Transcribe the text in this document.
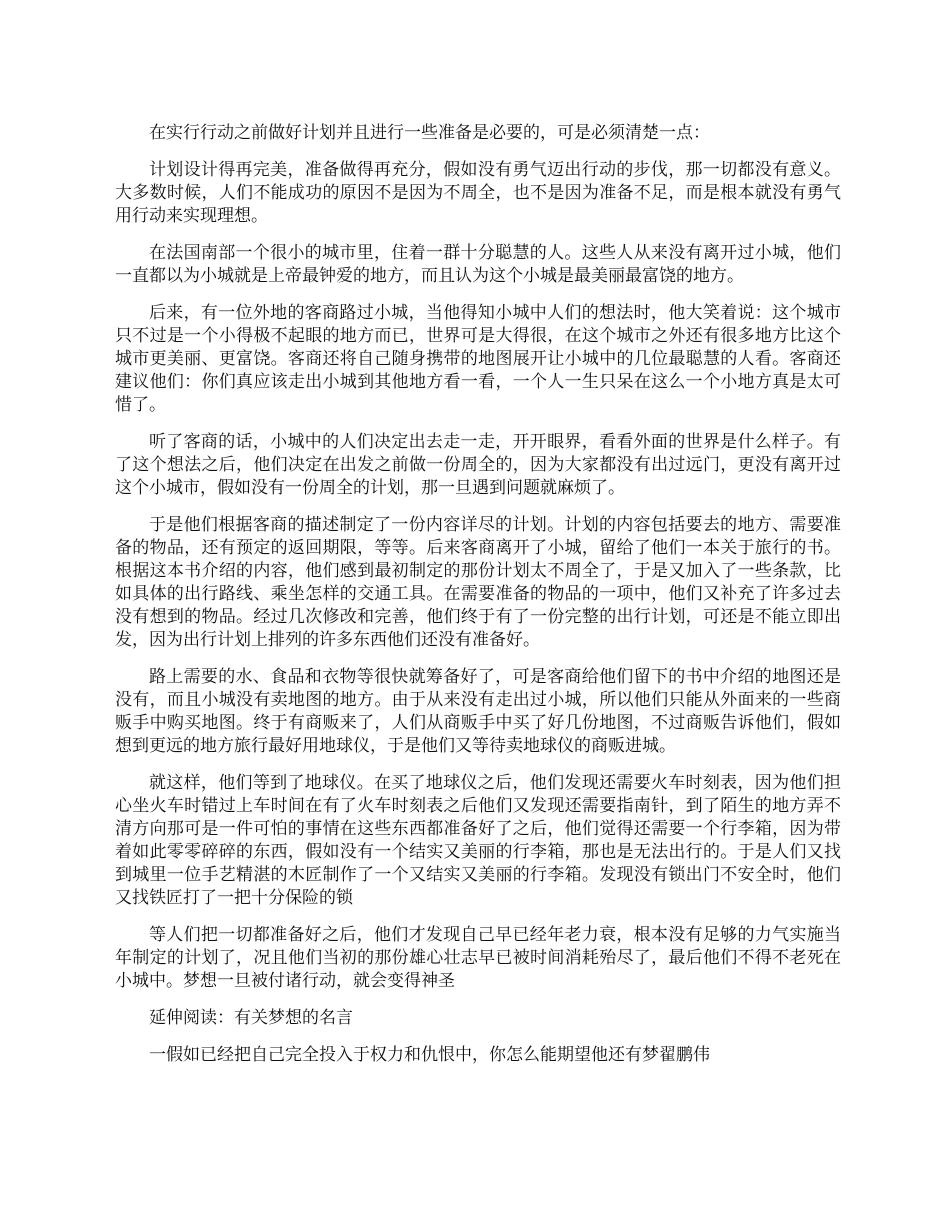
在实行行动之前做好计划并且进行一些准备是必要的，可是必须清楚一点：

计划设计得再完美，准备做得再充分，假如没有勇气迈出行动的步伐，那一切都没有意义。大多数时候，人们不能成功的原因不是因为不周全，也不是因为准备不足，而是根本就没有勇气用行动来实现理想。

在法国南部一个很小的城市里，住着一群十分聪慧的人。这些人从来没有离开过小城，他们一直都以为小城就是上帝最钟爱的地方，而且认为这个小城是最美丽最富饶的地方。

后来，有一位外地的客商路过小城，当他得知小城中人们的想法时，他大笑着说：这个城市只不过是一个小得极不起眼的地方而已，世界可是大得很，在这个城市之外还有很多地方比这个城市更美丽、更富饶。客商还将自己随身携带的地图展开让小城中的几位最聪慧的人看。客商还建议他们：你们真应该走出小城到其他地方看一看，一个人一生只呆在这么一个小地方真是太可惜了。

听了客商的话，小城中的人们决定出去走一走，开开眼界，看看外面的世界是什么样子。有了这个想法之后，他们决定在出发之前做一份周全的，因为大家都没有出过远门，更没有离开过这个小城市，假如没有一份周全的计划，那一旦遇到问题就麻烦了。

于是他们根据客商的描述制定了一份内容详尽的计划。计划的内容包括要去的地方、需要准备的物品，还有预定的返回期限，等等。后来客商离开了小城，留给了他们一本关于旅行的书。根据这本书介绍的内容，他们感到最初制定的那份计划太不周全了，于是又加入了一些条款，比如具体的出行路线、乘坐怎样的交通工具。在需要准备的物品的一项中，他们又补充了许多过去没有想到的物品。经过几次修改和完善，他们终于有了一份完整的出行计划，可还是不能立即出发，因为出行计划上排列的许多东西他们还没有准备好。

路上需要的水、食品和衣物等很快就筹备好了，可是客商给他们留下的书中介绍的地图还是没有，而且小城没有卖地图的地方。由于从来没有走出过小城，所以他们只能从外面来的一些商贩手中购买地图。终于有商贩来了，人们从商贩手中买了好几份地图，不过商贩告诉他们，假如想到更远的地方旅行最好用地球仪，于是他们又等待卖地球仪的商贩进城。

就这样，他们等到了地球仪。在买了地球仪之后，他们发现还需要火车时刻表，因为他们担心坐火车时错过上车时间在有了火车时刻表之后他们又发现还需要指南针，到了陌生的地方弄不清方向那可是一件可怕的事情在这些东西都准备好了之后，他们觉得还需要一个行李箱，因为带着如此零零碎碎的东西，假如没有一个结实又美丽的行李箱，那也是无法出行的。于是人们又找到城里一位手艺精湛的木匠制作了一个又结实又美丽的行李箱。发现没有锁出门不安全时，他们又找铁匠打了一把十分保险的锁

等人们把一切都准备好之后，他们才发现自己早已经年老力衰，根本没有足够的力气实施当年制定的计划了，况且他们当初的那份雄心壮志早已被时间消耗殆尽了，最后他们不得不老死在小城中。梦想一旦被付诸行动，就会变得神圣

延伸阅读：有关梦想的名言

一假如已经把自己完全投入于权力和仇恨中，你怎么能期望他还有梦翟鹏伟
